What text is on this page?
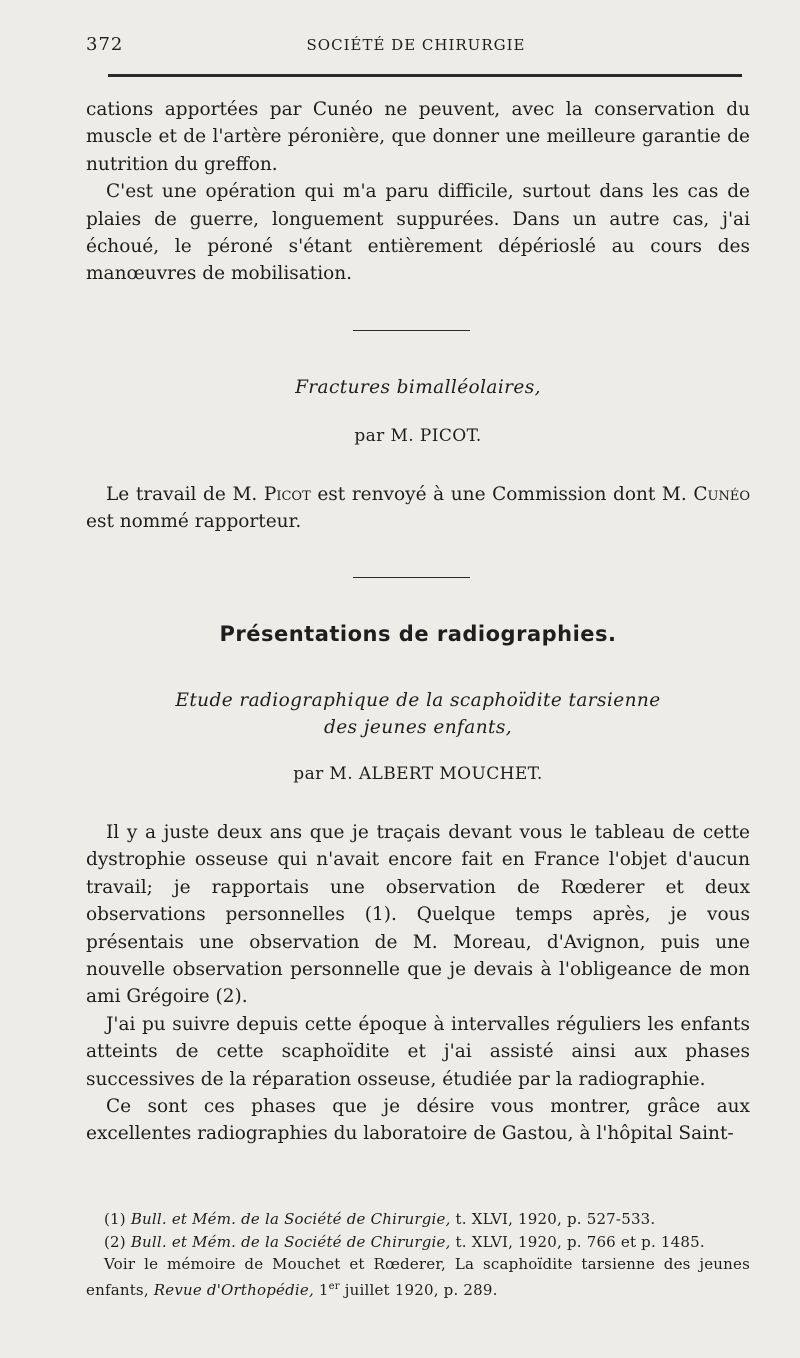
372	SOCIÉTÉ DE CHIRURGIE

cations apportées par Cunéo ne peuvent, avec la conservation du muscle et de l'artère péronière, que donner une meilleure garantie de nutrition du greffon.

C'est une opération qui m'a paru difficile, surtout dans les cas de plaies de guerre, longuement suppurées. Dans un autre cas, j'ai échoué, le péroné s'étant entièrement dépérioslé au cours des manœuvres de mobilisation.

Fractures bimalléolaires,
par M. PICOT.

Le travail de M. Picot est renvoyé à une Commission dont M. Cunéo est nommé rapporteur.

Présentations de radiographies.
Etude radiographique de la scaphoïdite tarsienne
des jeunes enfants,
par M. ALBERT MOUCHET.

Il y a juste deux ans que je traçais devant vous le tableau de cette dystrophie osseuse qui n'avait encore fait en France l'objet d'aucun travail; je rapportais une observation de Rœderer et deux observations personnelles (1). Quelque temps après, je vous présentais une observation de M. Moreau, d'Avignon, puis une nouvelle observation personnelle que je devais à l'obligeance de mon ami Grégoire (2).

J'ai pu suivre depuis cette époque à intervalles réguliers les enfants atteints de cette scaphoïdite et j'ai assisté ainsi aux phases successives de la réparation osseuse, étudiée par la radiographie.

Ce sont ces phases que je désire vous montrer, grâce aux excellentes radiographies du laboratoire de Gastou, à l'hôpital Saint-

(1) Bull. et Mém. de la Société de Chirurgie, t. XLVI, 1920, p. 527-533.
(2) Bull. et Mém. de la Société de Chirurgie, t. XLVI, 1920, p. 766 et p. 1485.
Voir le mémoire de Mouchet et Rœderer, La scaphoïdite tarsienne des jeunes enfants, Revue d'Orthopédie, 1er juillet 1920, p. 289.
